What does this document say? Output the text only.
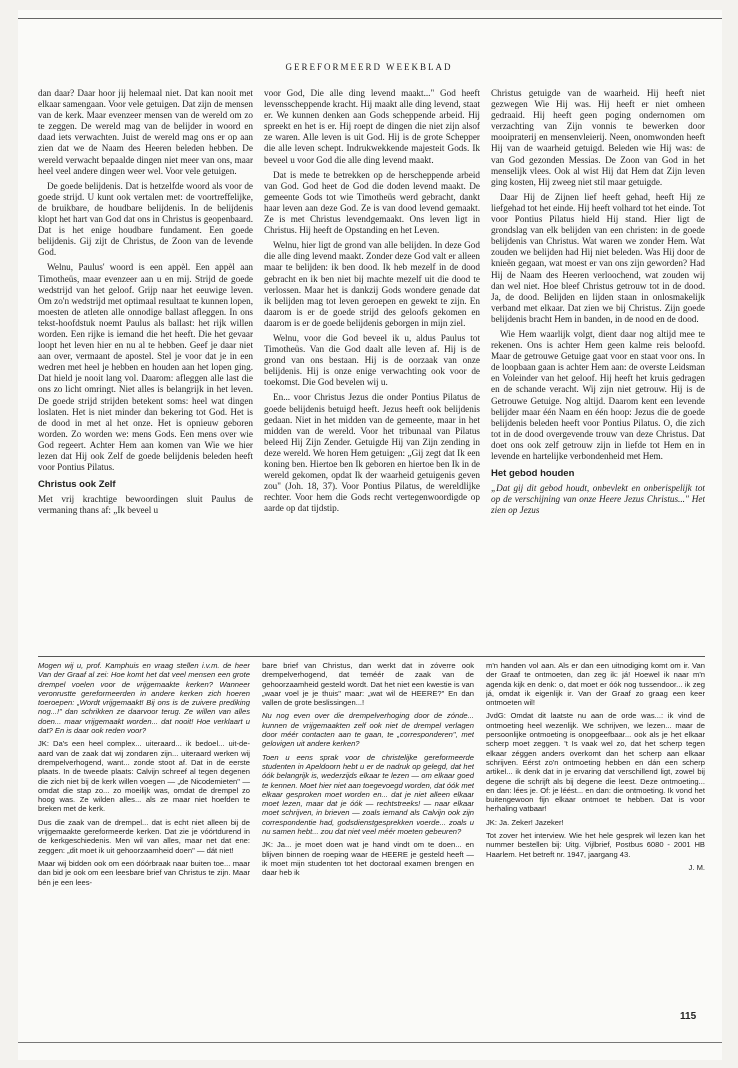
GEREFORMEERD WEEKBLAD

dan daar? Daar hoor jij helemaal niet. Dat kan nooit met elkaar samengaan. Voor vele getuigen. Dat zijn de mensen van de kerk. Maar evenzeer mensen van de wereld om zo te zeggen. De wereld mag van de belijder in woord en daad iets verwachten. Juist de wereld mag ons er op aan zien dat we de Naam des Heeren beleden hebben. De wereld verwacht bepaalde dingen niet meer van ons, maar heel veel andere dingen weer wel. Voor vele getuigen.

De goede belijdenis. Dat is hetzelfde woord als voor de goede strijd. U kunt ook vertalen met: de voortreffelijke, de bruikbare, de houdbare belijdenis. In de belijdenis klopt het hart van God dat ons in Christus is geopenbaard. Dat is het enige houdbare fundament. Een goede belijdenis. Gij zijt de Christus, de Zoon van de levende God.

Welnu, Paulus' woord is een appèl. Een appèl aan Timotheüs, maar evenzeer aan u en mij. Strijd de goede wedstrijd van het geloof. Grijp naar het eeuwige leven. Om zo'n wedstrijd met optimaal resultaat te kunnen lopen, moesten de atleten alle onnodige ballast afleggen. In ons tekst-hoofdstuk noemt Paulus als ballast: het rijk willen worden. Een rijke is iemand die het heeft. Die het gevaar loopt het leven hier en nu al te hebben. Geef je daar niet aan over, vermaant de apostel. Stel je voor dat je in een wedren met heel je hebben en houden aan het lopen ging. Dat hield je nooit lang vol. Daarom: afleggen alle last die ons zo licht omringt. Niet alles is belangrijk in het leven. De goede strijd strijden betekent soms: heel wat dingen loslaten. Het is niet minder dan bekering tot God. Het is de dood in met al het onze. Het is opnieuw geboren worden. Zo worden we: mens Gods. Een mens over wie God regeert. Achter Hem aan komen van Wie we hier lezen dat Hij ook Zelf de goede belijdenis beleden heeft voor Pontius Pilatus.

Christus ook Zelf

Met vrij krachtige bewoordingen sluit Paulus de vermaning thans af: „Ik beveel u

voor God, Die alle ding levend maakt..." God heeft levensscheppende kracht. Hij maakt alle ding levend, staat er. We kunnen denken aan Gods scheppende arbeid. Hij spreekt en het is er. Hij roept de dingen die niet zijn alsof ze waren. Alle leven is uit God. Hij is de grote Schepper die alle leven schept. Indrukwekkende majesteit Gods. Ik beveel u voor God die alle ding levend maakt.

Dat is mede te betrekken op de herscheppende arbeid van God. God heet de God die doden levend maakt. De gemeente Gods tot wie Timotheüs werd gebracht, dankt haar leven aan deze God. Ze is van dood levend gemaakt. Ze is met Christus levendgemaakt. Ons leven ligt in Christus. Hij heeft de Opstanding en het Leven.

Welnu, hier ligt de grond van alle belijden. In deze God die alle ding levend maakt. Zonder deze God valt er alleen maar te belijden: ik ben dood. Ik heb mezelf in de dood gebracht en ik ben niet bij machte mezelf uit die dood te verlossen. Maar het is dankzij Gods wondere genade dat ik belijden mag tot leven geroepen en gewekt te zijn. En daarom is er de goede strijd des geloofs gekomen en daarom is er de goede belijdenis geborgen in mijn ziel.

Welnu, voor die God beveel ik u, aldus Paulus tot Timotheüs. Van die God daalt alle leven af. Hij is de grond van ons bestaan. Hij is de oorzaak van onze belijdenis. Hij is onze enige verwachting ook voor de toekomst. Die God bevelen wij u.

En... voor Christus Jezus die onder Pontius Pilatus de goede belijdenis betuigd heeft. Jezus heeft ook belijdenis gedaan. Niet in het midden van de gemeente, maar in het midden van de wereld. Voor het tribunaal van Pilatus beleed Hij Zijn Zender. Getuigde Hij van Zijn zending in deze wereld. We horen Hem getuigen: „Gij zegt dat Ik een koning ben. Hiertoe ben Ik geboren en hiertoe ben Ik in de wereld gekomen, opdat Ik der waarheid getuigenis geven zou" (Joh. 18, 37). Voor Pontius Pilatus, de wereldlijke rechter. Voor hem die Gods recht vertegenwoordigde op aarde op dat tijdstip.

Christus getuigde van de waarheid. Hij heeft niet gezwegen Wie Hij was. Hij heeft er niet omheen gedraaid. Hij heeft geen poging ondernomen om verzachting van Zijn vonnis te bewerken door mooipraterij en mensenvleierij. Neen, onomwonden heeft Hij van de waarheid getuigd. Beleden wie Hij was: de van God gezonden Messias. De Zoon van God in het menselijk vlees. Ook al wist Hij dat Hem dat Zijn leven ging kosten, Hij zweeg niet stil maar getuigde.

Daar Hij de Zijnen lief heeft gehad, heeft Hij ze liefgehad tot het einde. Hij heeft volhard tot het einde. Tot voor Pontius Pilatus hield Hij stand. Hier ligt de grondslag van elk belijden van een christen: in de goede belijdenis van Christus. Wat waren we zonder Hem. Wat zouden we belijden had Hij niet beleden. Was Hij door de knieën gegaan, wat moest er van ons zijn geworden? Had Hij de Naam des Heeren verloochend, wat zouden wij dan wel niet. Hoe bleef Christus getrouw tot in de dood. Ja, de dood. Belijden en lijden staan in onlosmakelijk verband met elkaar. Dat zien we bij Christus. Zijn goede belijdenis bracht Hem in banden, in de nood en de dood.

Wie Hem waarlijk volgt, dient daar nog altijd mee te rekenen. Ons is achter Hem geen kalme reis beloofd. Maar de getrouwe Getuige gaat voor en staat voor ons. In de loopbaan gaan is achter Hem aan: de overste Leidsman en Voleinder van het geloof. Hij heeft het kruis gedragen en de schande veracht. Wij zijn niet getrouw. Hij is de Getrouwe Getuige. Nog altijd. Daarom kent een levende belijder maar één Naam en één hoop: Jezus die de goede belijdenis beleden heeft voor Pontius Pilatus. O, die zich tot in de dood overgevende trouw van deze Christus. Dat doet ons ook zelf getrouw zijn in liefde tot Hem en in levende en hartelijke verbondenheid met Hem.

Het gebod houden

„Dat gij dit gebod houdt, onbevlekt en onberispelijk tot op de verschijning van onze Heere Jezus Christus..." Het zien op Jezus

Mogen wij u, prof. Kamphuis en vraag stellen i.v.m. de heer Van der Graaf al zei: Hoe komt het dat veel mensen een grote drempel voelen voor de vrijgemaakte kerken? Wanneer veronrustte gereformeerden in andere kerken zich hoeren toeroepen: „Wordt vrijgemaakt! Bij ons is de zuivere prediking nog...!" dan schrikken ze daarvoor terug. Ze willen van alles doen... maar vrijgemaakt worden... dat nooit! Hoe verklaart u dat? En is daar ook reden voor?

JK: Da's een heel complex... uiteraard... ik bedoel... uit-de-aard van de zaak dat wij zondaren zijn... uiteraard werken wij drempelverhogend, want... zonde stoot af. Dat in de eerste plaats. In de tweede plaats: Calvijn schreef al tegen degenen die zich niet bij de kerk willen voegen — „de Nicodemieten" — omdat die stap zo... zo moeilijk was, omdat de drempel zo hoog was. Ze wilden alles... als ze maar niet hoefden te breken met de kerk.

Dus die zaak van de drempel... dat is echt niet alleen bij de vrijgemaakte gereformeerde kerken. Dat zie je vóórtdurend in de kerkgeschiedenis. Men wil van alles, maar net dat ene: zeggen: „dit moet ik uit gehoorzaamheid doen" — dát niet!

Maar wij bidden ook om een dóórbraak naar buiten toe... maar dan bid je ook om een leesbare brief van Christus te zijn. Maar bén je een lees-

bare brief van Christus, dan werkt dat in zóverre ook drempelverhogend, dat teméér de zaak van de gehoorzaamheid gesteld wordt. Dat het niet een kwestie is van „waar voel je je thuis" maar: „wat wil de HEERE?" En dan vallen de grote beslissingen...!

Nu nog even over die drempelverhoging door de zónde... kunnen de vrijgemaakten zelf ook niet de drempel verlagen door méér contacten aan te gaan, te „corresponderen", met gelovigen uit andere kerken?

Toen u eens sprak voor de christelijke gereformeerde studenten in Apeldoorn hebt u er de nadruk op gelegd, dat het óók belangrijk is, wederzijds elkaar te lezen — om elkaar goed te kennen. Moet hier niet aan toegevoegd worden, dat óók met elkaar gesproken moet worden en... dat je niet alleen elkaar moet lezen, maar dat je óók — rechtstreeks! — naar elkaar moet schrijven, in brieven — zoals iemand als Calvijn ook zijn correspondentie had, godsdienstgesprekken voerde... zoals u nu samen hebt... zou dat niet veel méér moeten gebeuren?

JK: Ja... je moet doen wat je hand vindt om te doen... en blijven binnen de roeping waar de HEERE je gesteld heeft — ik moet mijn studenten tot het doctoraal examen brengen en daar heb ik

m'n handen vol aan. Als er dan een uitnodiging komt om ir. Van der Graaf te ontmoeten, dan zeg ik: já! Hoewel ik naar m'n agenda kijk en denk: o, dat moet er óók nog tussendoor... ik zeg já, omdat ik eigenlijk ir. Van der Graaf zo graag een keer ontmoeten wil!

JvdG: Omdat dit laatste nu aan de orde was...: ik vind de ontmoeting heel wezenlijk. We schrijven, we lezen... maar de persoonlijke ontmoeting is onopgeefbaar... ook als je het elkaar scherp moet zeggen. 't Is vaak wel zo, dat het scherp tegen elkaar zéggen anders overkomt dan het scherp aan elkaar schrijven. Eérst zo'n ontmoeting hebben en dán een scherp artikel... ik denk dat in je ervaring dat verschillend ligt, zowel bij degene die schrijft als bij degene die leest. Deze ontmoeting... en dan: lées je. Of: je léést... en dan: die ontmoeting. Ik vond het buitengewoon fijn elkaar ontmoet te hebben. Dat is voor herhaling vatbaar!

JK: Ja. Zeker! Jazeker!

Tot zover het interview. Wie het hele gesprek wil lezen kan het nummer bestellen bij: Uitg. Vijlbrief, Postbus 6080 - 2001 HB Haarlem. Het betreft nr. 1947, jaargang 43.

J. M.

115
